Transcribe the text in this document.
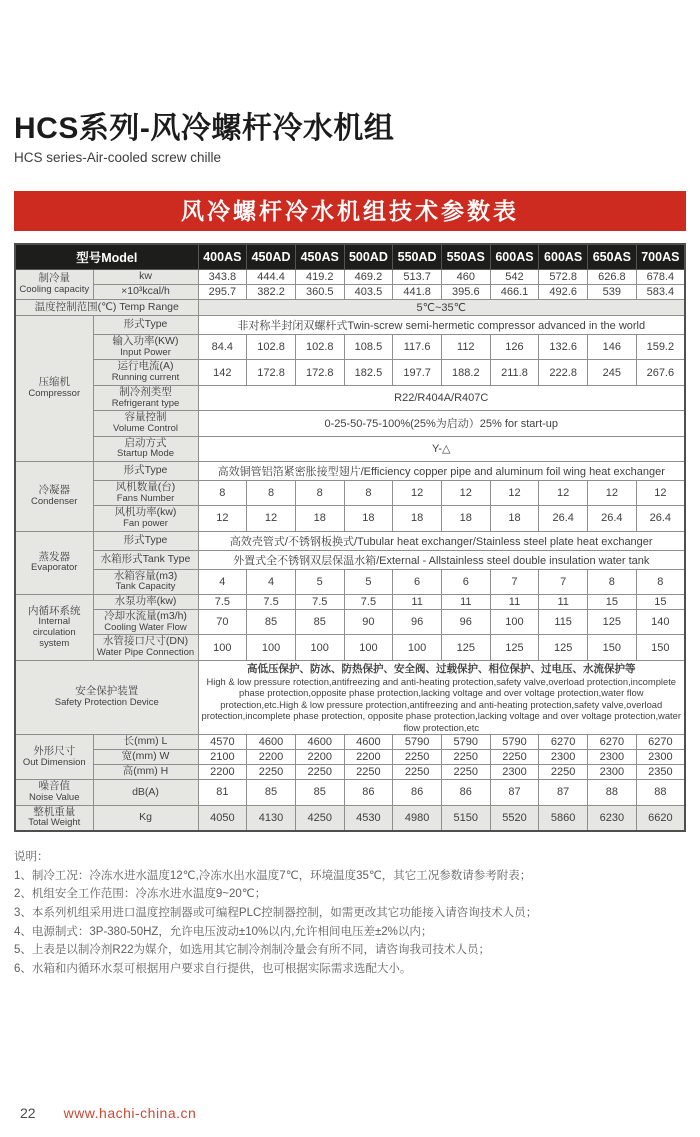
HCS系列-风冷螺杆冷水机组
HCS series-Air-cooled screw chille
风冷螺杆冷水机组技术参数表
型号Model		400AS	450AD	450AS	500AD	550AD	550AS	600AS	600AS	650AS	700AS
制冷量
Cooling capacity	kw	343.8	444.4	419.2	469.2	513.7	460	542	572.8	626.8	678.4
	×10³kcal/h	295.7	382.2	360.5	403.5	441.8	395.6	466.1	492.6	539	583.4
温度控制范围(℃) Temp Range		5℃~35℃									
压缩机
Compressor	形式Type	非对称半封闭双螺杆式Twin-screw semi-hermetic compressor advanced in the world									
	输入功率(KW)
Input Power	84.4	102.8	102.8	108.5	117.6	112	126	132.6	146	159.2
	运行电流(A)
Running current	142	172.8	172.8	182.5	197.7	188.2	211.8	222.8	245	267.6
	制冷剂类型
Refrigerant type	R22/R404A/R407C									
	容量控制
Volume Control	0-25-50-75-100%(25%为启动）25% for start-up									
	启动方式
Startup Mode	Y-△									
冷凝器
Condenser	形式Type	高效铜管铝箔紧密胀接型翅片/Efficiency copper pipe and aluminum foil wing heat exchanger									
	风机数量(台)
Fans Number	8	8	8	8	12	12	12	12	12	12
	风机功率(kw)
Fan power	12	12	18	18	18	18	18	26.4	26.4	26.4
蒸发器
Evaporator	形式Type	高效壳管式/不锈钢板换式/Tubular heat exchanger/Stainless steel plate heat exchanger									
	水箱形式Tank Type	外置式全不锈钢双层保温水箱/External - Allstainless steel double insulation water tank									
	水箱容量(m3)
Tank Capacity	4	4	5	5	6	6	7	7	8	8
内循环系统
Internal circulation system	水泵功率(kw)	7.5	7.5	7.5	7.5	11	11	11	11	15	15
	冷却水流量(m3/h)
Cooling Water Flow	70	85	85	90	96	96	100	115	125	140
	水管接口尺寸(DN)
Water Pipe Connection	100	100	100	100	100	125	125	125	150	150
安全保护装置
Safety Protection Device		高低压保护、防冰、防热保护、安全阀、过载保护、相位保护、过电压、水流保护等
High & low pressure rotection,antifreezing and anti-heating protection,safety valve,overload protection,incomplete phase protection,opposite phase protection,lacking voltage and over voltage protection,water flow protection,etc.High & low pressure protection,antifreezing and anti-heating protection,safety valve,overload protection,incomplete phase protection, opposite phase protection,lacking voltage and over voltage protection,water flow protection,etc									

外形尺寸
Out Dimension	长(mm) L	4570	4600	4600	4600	5790	5790	5790	6270	6270	6270
	宽(mm) W	2100	2200	2200	2200	2250	2250	2250	2300	2300	2300
	高(mm) H	2200	2250	2250	2250	2250	2250	2300	2250	2300	2350
噪音值
Noise Value	dB(A)	81	85	85	86	86	86	87	87	88	88
整机重量
Total Weight	Kg	4050	4130	4250	4530	4980	5150	5520	5860	6230	6620
说明：
1、制冷工况：冷冻水进水温度12℃,冷冻水出水温度7℃，环境温度35℃，其它工况参数请参考附表；
2、机组安全工作范围：冷冻水进水温度9~20℃；
3、本系列机组采用进口温度控制器或可编程PLC控制器控制，如需更改其它功能接入请咨询技术人员；
4、电源制式：3P-380-50HZ，允许电压波动±10%以内,允许相间电压差±2%以内；
5、上表是以制冷剂R22为媒介，如选用其它制冷剂制冷量会有所不同，请咨询我司技术人员；
6、水箱和内循环水泵可根据用户要求自行提供，也可根据实际需求选配大小。
22 www.hachi-china.cn
